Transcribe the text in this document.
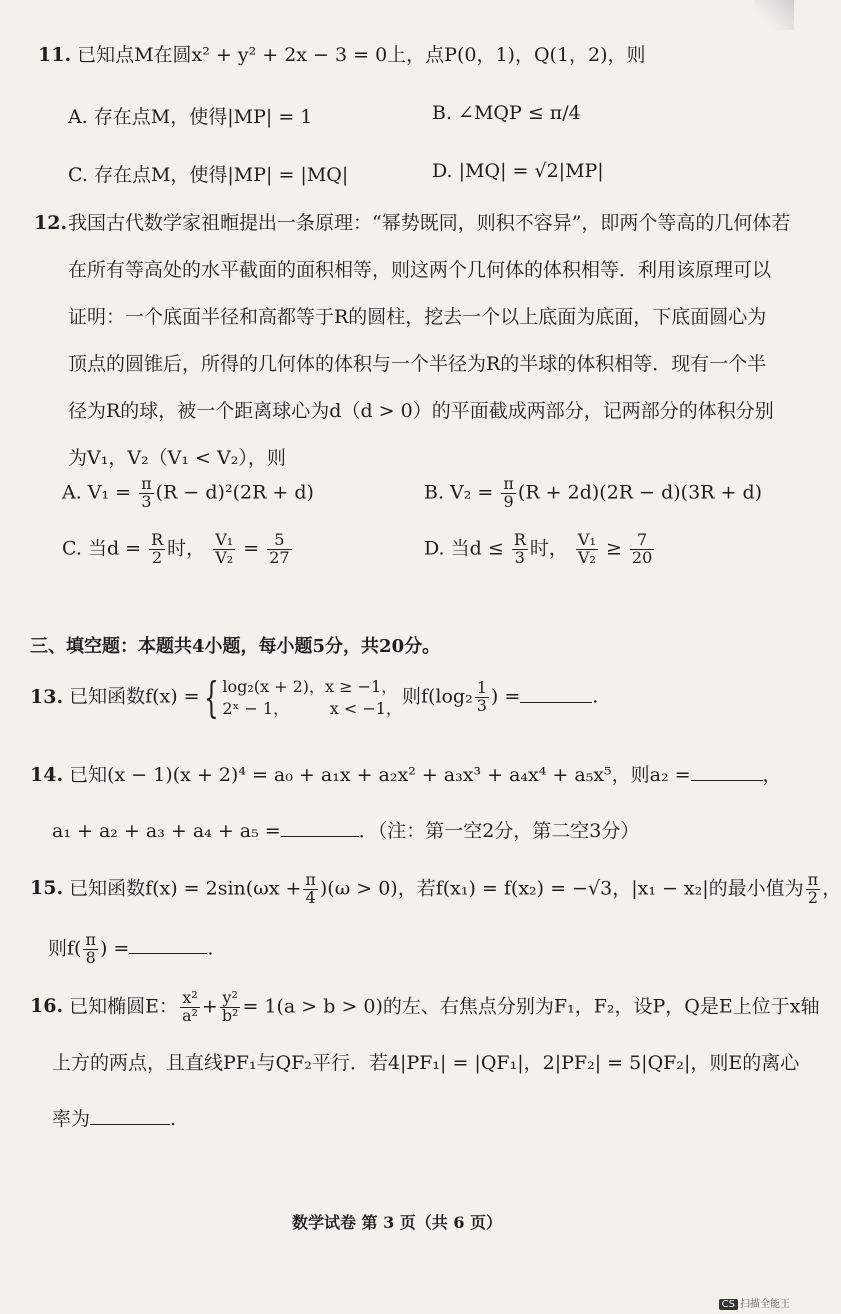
11. 已知点M在圆x² + y² + 2x − 3 = 0上，点P(0，1)，Q(1，2)，则
A. 存在点M，使得|MP| = 1	B. ∠MQP ≤ π/4
C. 存在点M，使得|MP| = |MQ|	D. |MQ| = √2|MP|
12. 我国古代数学家祖暅提出一条原理：“幂势既同，则积不容异”，即两个等高的几何体若
在所有等高处的水平截面的面积相等，则这两个几何体的体积相等．利用该原理可以
证明：一个底面半径和高都等于R的圆柱，挖去一个以上底面为底面，下底面圆心为
顶点的圆锥后，所得的几何体的体积与一个半径为R的半球的体积相等．现有一个半
径为R的球，被一个距离球心为d（d > 0）的平面截成两部分，记两部分的体积分别
为V₁，V₂（V₁ < V₂），则
A. $V_1 = \frac{\pi}{3} (R - d)^2(2R + d)$	B. $V_2 = \frac{\pi}{9} (R + 2d)(2R - d)(3R + d)$
C. 当$d = \frac{R}{2}$ 时， $\frac{\text{V₁}}{\text{V₂}} = \frac{5}{27}$	D. 当$d \le \frac{R}{3}$ 时， $\frac{\text{V₁}}{\text{V₂}} \ge \frac{7}{20}$
三、填空题：本题共4小题，每小题5分，共20分。
13. 已知函数f(x) ={ log₂(x + 2)，x ≥ −1，
2ˣ − 1，        x < −1，
则$f(\log_2 \frac{1}{3}$ ) =	.
14. 已知(x − 1)(x + 2)⁴ = a₀ + a₁x + a₂x² + a₃x³ + a₄x⁴ + a₅x⁵，则a₂ =	，
a₁ + a₂ + a₃ + a₄ + a₅ =	．（注：第一空2分，第二空3分）
15. 已知函数$f(x) = 2\sin(\omega x + \frac{\pi}{4} )(\omega > 0)$，若f(x₁) = f(x₂) = −√3，|x₁ − x₂|的最小值为 $\frac{\pi}{2}$ ，
则$f( \frac{\pi}{8}$ ) =	.
16. 已知椭圆E： $\frac{\text{x²}}{\text{a²}} + \frac{\text{y²}}{\text{b²}} = 1(a > b > 0)$的左、右焦点分别为F₁，F₂，设P，Q是E上位于x轴
上方的两点，且直线PF₁与QF₂平行．若4|PF₁| = |QF₁|，2|PF₂| = 5|QF₂|，则E的离心
率为	.
数学试卷 第 3 页（共 6 页）
CS 扫描全能王
